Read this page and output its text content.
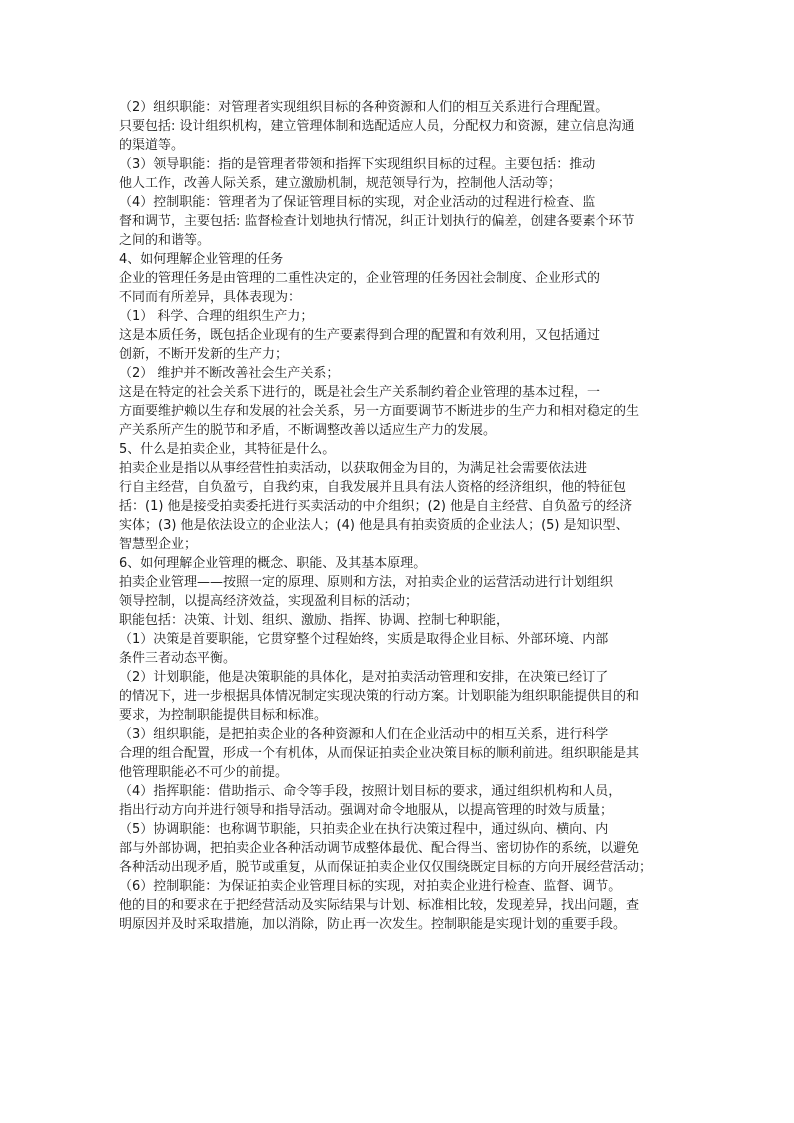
（2）组织职能：对管理者实现组织目标的各种资源和人们的相互关系进行合理配置。
只要包括: 设计组织机构，建立管理体制和选配适应人员，分配权力和资源，建立信息沟通
的渠道等。
（3）领导职能：指的是管理者带领和指挥下实现组织目标的过程。主要包括：推动
他人工作，改善人际关系，建立激励机制，规范领导行为，控制他人活动等；
（4）控制职能：管理者为了保证管理目标的实现，对企业活动的过程进行检查、监
督和调节，主要包括: 监督检查计划地执行情况，纠正计划执行的偏差，创建各要素个环节
之间的和谐等。
4、如何理解企业管理的任务
企业的管理任务是由管理的二重性决定的，企业管理的任务因社会制度、企业形式的
不同而有所差异，具体表现为：
（1） 科学、合理的组织生产力；
这是本质任务，既包括企业现有的生产要素得到合理的配置和有效利用，又包括通过
创新，不断开发新的生产力；
（2） 维护并不断改善社会生产关系；
这是在特定的社会关系下进行的，既是社会生产关系制约着企业管理的基本过程，一
方面要维护赖以生存和发展的社会关系，另一方面要调节不断进步的生产力和相对稳定的生
产关系所产生的脱节和矛盾，不断调整改善以适应生产力的发展。
5、什么是拍卖企业，其特征是什么。
拍卖企业是指以从事经营性拍卖活动，以获取佣金为目的，为满足社会需要依法进
行自主经营，自负盈亏，自我约束，自我发展并且具有法人资格的经济组织，他的特征包
括：(1) 他是接受拍卖委托进行买卖活动的中介组织；(2) 他是自主经营、自负盈亏的经济
实体；(3) 他是依法设立的企业法人；(4) 他是具有拍卖资质的企业法人；(5) 是知识型、
智慧型企业；
6、如何理解企业管理的概念、职能、及其基本原理。
拍卖企业管理——按照一定的原理、原则和方法，对拍卖企业的运营活动进行计划组织
领导控制，以提高经济效益，实现盈利目标的活动；
职能包括：决策、计划、组织、激励、指挥、协调、控制七种职能，
（1）决策是首要职能，它贯穿整个过程始终，实质是取得企业目标、外部环境、内部
条件三者动态平衡。
（2）计划职能，他是决策职能的具体化，是对拍卖活动管理和安排，在决策已经订了
的情况下，进一步根据具体情况制定实现决策的行动方案。计划职能为组织职能提供目的和
要求，为控制职能提供目标和标准。
（3）组织职能，是把拍卖企业的各种资源和人们在企业活动中的相互关系，进行科学
合理的组合配置，形成一个有机体，从而保证拍卖企业决策目标的顺利前进。组织职能是其
他管理职能必不可少的前提。
（4）指挥职能：借助指示、命令等手段，按照计划目标的要求，通过组织机构和人员，
指出行动方向并进行领导和指导活动。强调对命令地服从，以提高管理的时效与质量；
（5）协调职能：也称调节职能，只拍卖企业在执行决策过程中，通过纵向、横向、内
部与外部协调，把拍卖企业各种活动调节成整体最优、配合得当、密切协作的系统，以避免
各种活动出现矛盾，脱节或重复，从而保证拍卖企业仅仅围绕既定目标的方向开展经营活动；
（6）控制职能：为保证拍卖企业管理目标的实现，对拍卖企业进行检查、监督、调节。
他的目的和要求在于把经营活动及实际结果与计划、标准相比较，发现差异，找出问题，查
明原因并及时采取措施，加以消除，防止再一次发生。控制职能是实现计划的重要手段。
